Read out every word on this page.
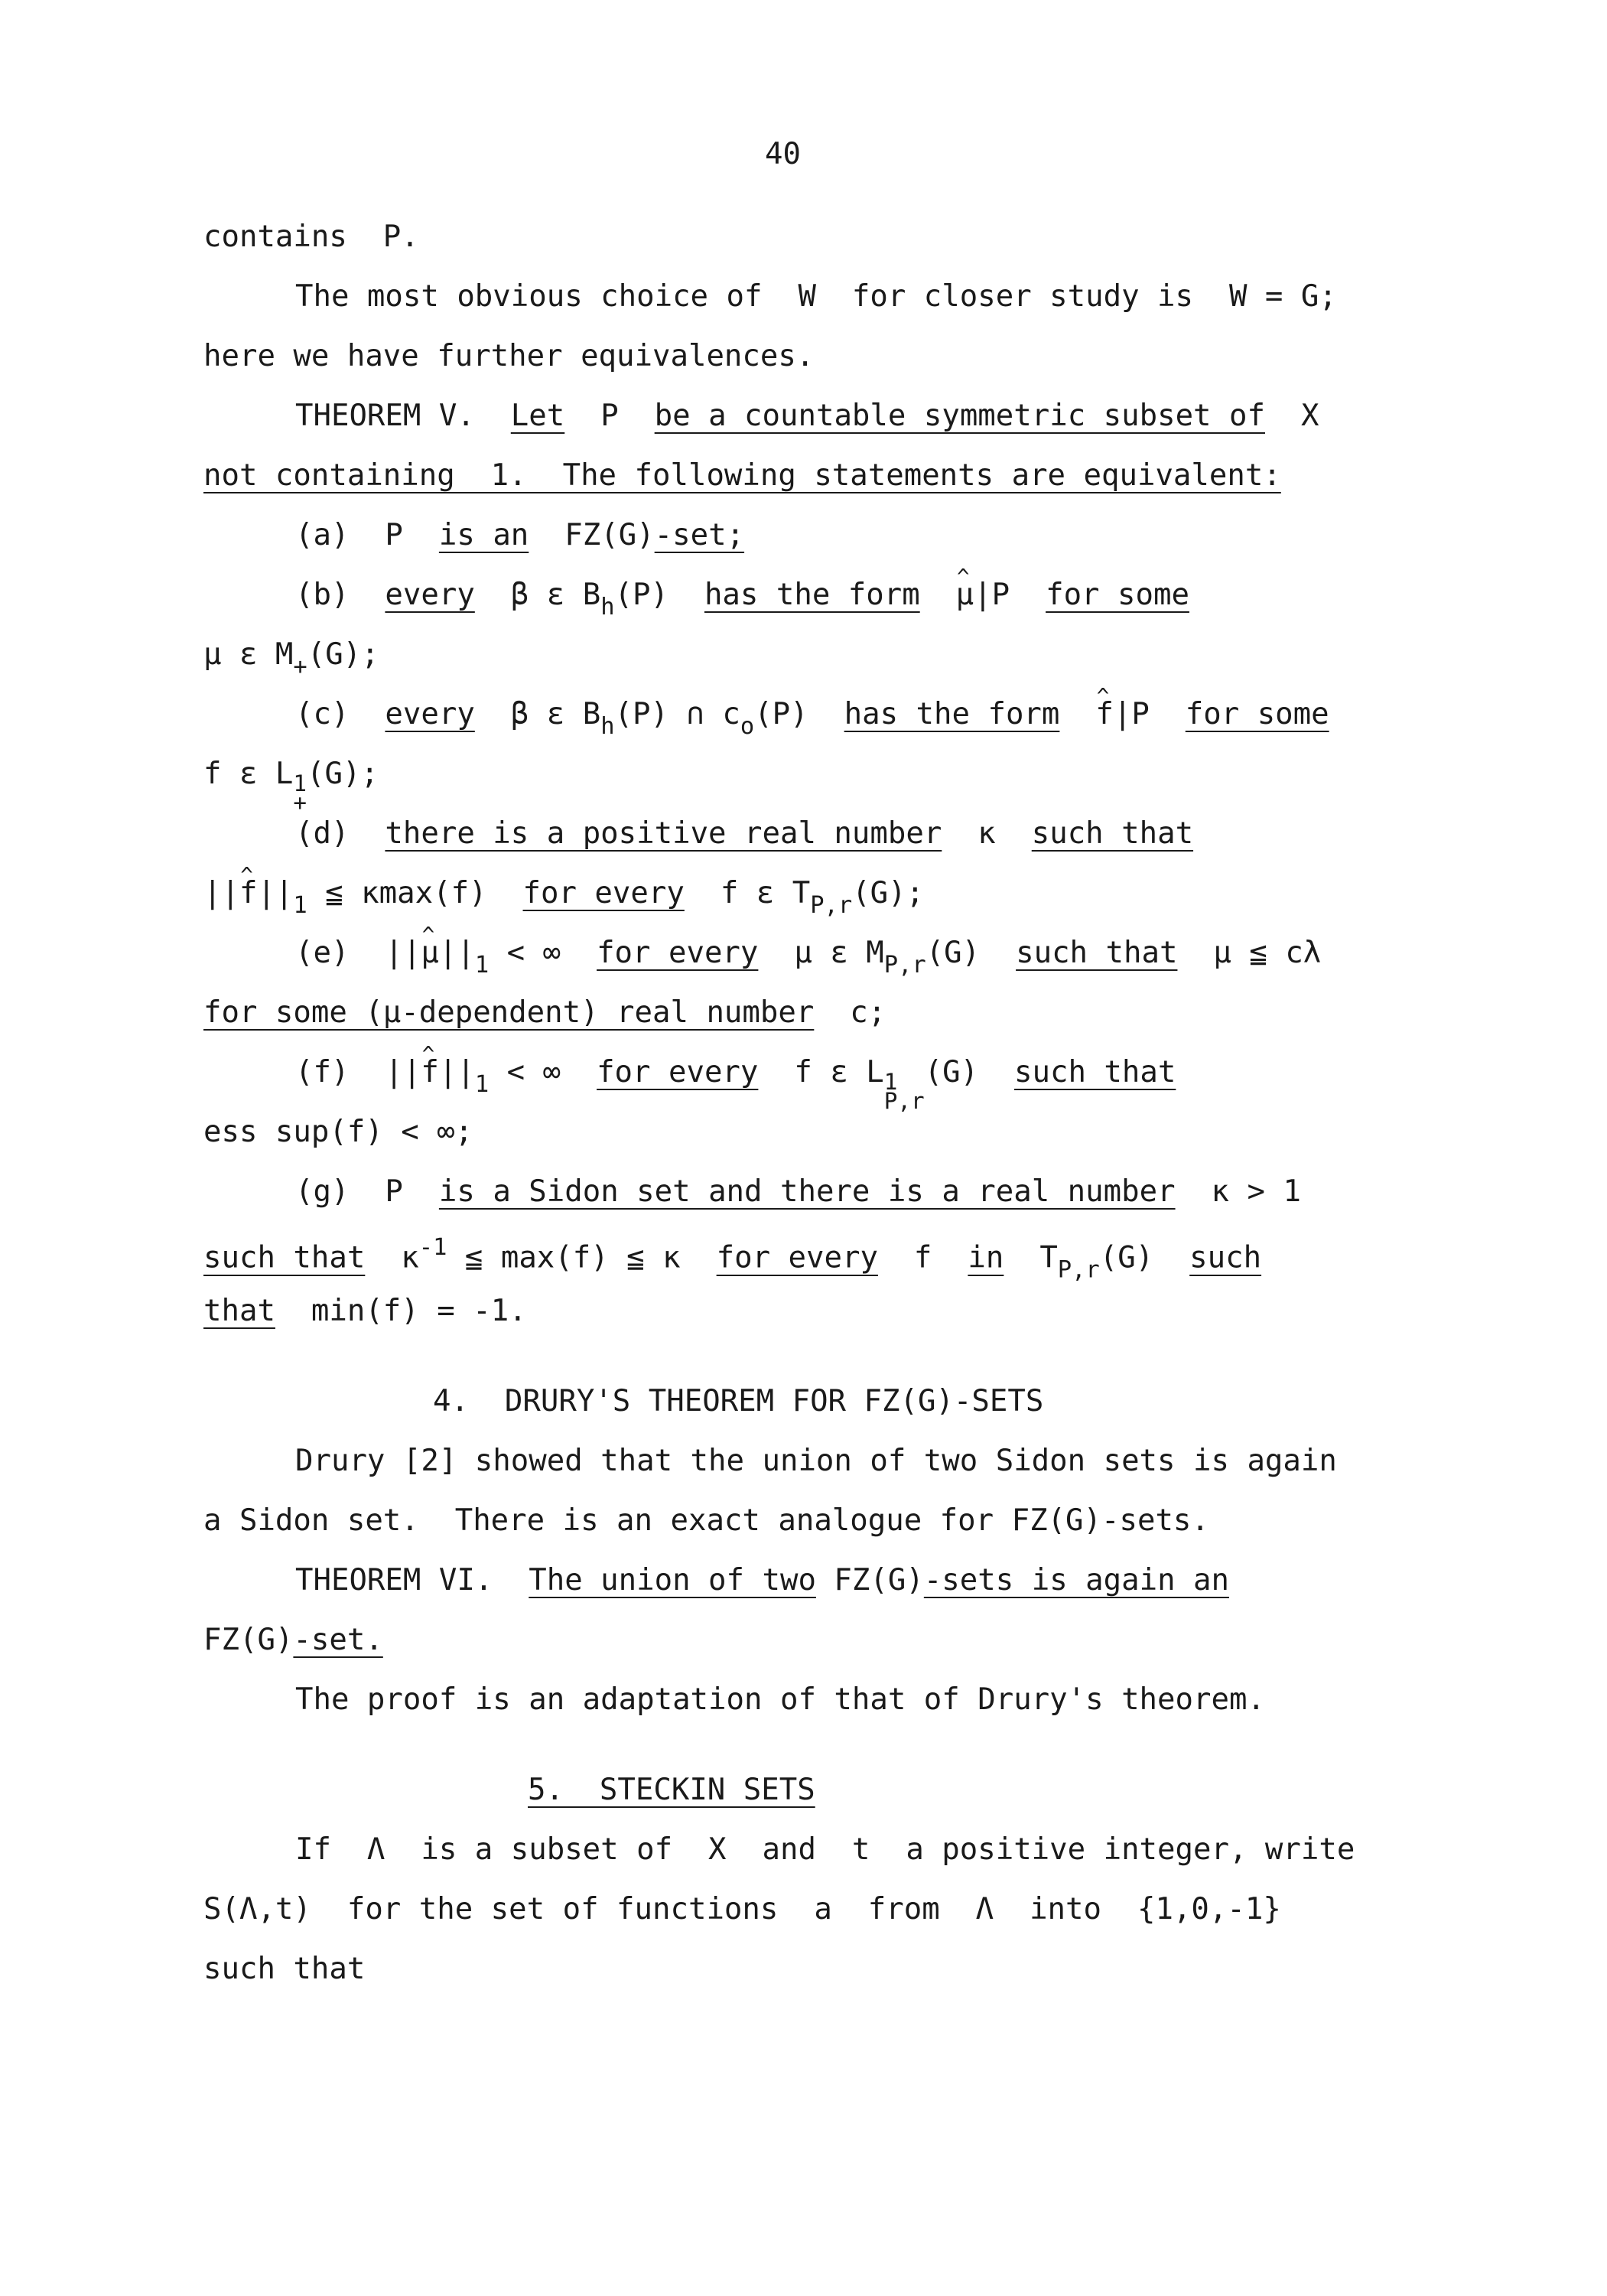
40
contains  P.
The most obvious choice of  W  for closer study is  W = G;
here we have further equivalences.
THEOREM V. Let P be a countable symmetric subset of X
not containing  1.  The following statements are equivalent:
(a) P is an FZ(G)-set;
(b) every β ε $B_h(P)$ has the form ^ μ|P for some
μ ε $M_+(G)$;
(c) every β ε $B_h(P)$ ∩ $c_o(P)$ has the form ^ f|P for some
f ε L 1
+
(G);
(d) there is a positive real number κ such that
||^ $f||_1$ ≦ κmax(f) for every f ε $T_{P,r}(G)$;
(e) ||^ $\mu||_1$ < ∞ for every μ ε $M_{P,r}(G)$ such that μ ≦ cλ
for some (μ-dependent) real number c;
(f) ||^ $f||_1$ < ∞ for every f ε L 1
P,r
(G) such that
ess sup(f) < ∞;
(g) P is a Sidon set and there is a real number κ > 1
such that $\kappa^{-1}$ ≦ max(f) ≦ κ for every f in $T_{P,r}(G)$ such
that min(f) = -1.
4.  DRURY'S THEOREM FOR FZ(G)-SETS
Drury [2] showed that the union of two Sidon sets is again
a Sidon set.  There is an exact analogue for FZ(G)-sets.
THEOREM VI. The union of two FZ(G)-sets is again an
FZ(G)-set.
The proof is an adaptation of that of Drury's theorem.
5.  STECKIN SETS
If  Λ  is a subset of  X  and  t  a positive integer, write
S(Λ,t)  for the set of functions  a  from  Λ  into  {1,0,-1}
such that
